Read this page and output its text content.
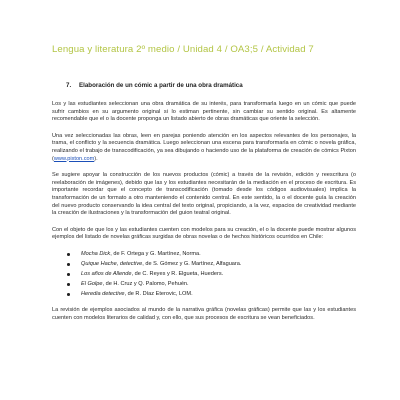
Lengua y literatura 2º medio / Unidad 4 / OA3;5 / Actividad 7
7. Elaboración de un cómic a partir de una obra dramática

Los y las estudiantes seleccionan una obra dramática de su interés, para transformarla luego en un cómic que puede sufrir cambios en su argumento original si lo estiman pertinente, sin cambiar su sentido original. Es altamente recomendable que el o la docente proponga un listado abierto de obras dramáticas que oriente la selección.

Una vez seleccionadas las obras, leen en parejas poniendo atención en los aspectos relevantes de los personajes, la trama, el conflicto y la secuencia dramática. Luego seleccionan una escena para transformarla en cómic o novela gráfica, realizando el trabajo de transcodificación, ya sea dibujando o haciendo uso de la plataforma de creación de cómics Pixton (www.pixton.com).

Se sugiere apoyar la construcción de los nuevos productos (cómic) a través de la revisión, edición y reescritura (o reelaboración de imágenes), debido que las y los estudiantes necesitarán de la mediación en el proceso de escritura. Es importante recordar que el concepto de transcodificación (tomado desde los códigos audiovisuales) implica la transformación de un formato a otro manteniendo el contenido central. En este sentido, la o el docente guía la creación del nuevo producto conservando la idea central del texto original, propiciando, a la vez, espacios de creatividad mediante la creación de ilustraciones y la transformación del guion teatral original.

Con el objeto de que los y las estudiantes cuenten con modelos para su creación, el o la docente puede mostrar algunos ejemplos del listado de novelas gráficas surgidas de obras novelas o de hechos históricos ocurridos en Chile:

Mocha Dick, de F. Ortega y G. Martínez, Norma.
Quique Hache, detective, de S. Gómez y G. Martínez, Alfaguara.
Los años de Allende, de C. Reyes y R. Elgueta, Hueders.
El Golpe, de H. Cruz y Q. Palomo, Pehuén.
Heredia detective, de R. Díaz Eterovic, LOM.

La revisión de ejemplos asociados al mundo de la narrativa gráfica (novelas gráficas) permite que las y los estudiantes cuenten con modelos literarios de calidad y, con ello, que sus procesos de escritura se vean beneficiados.
